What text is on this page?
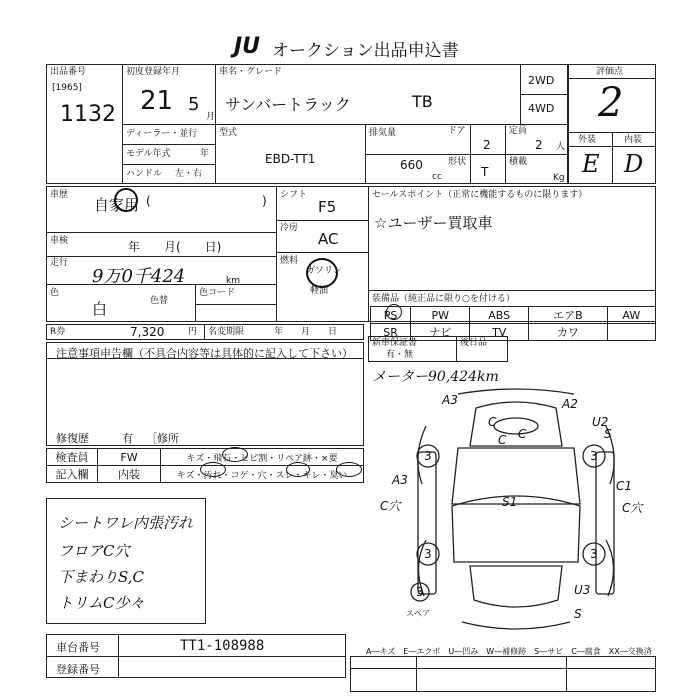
JU オークション出品申込書
出品番号
[1965]
1132
初度登録年月
21 5
月
車名・グレード
サンバートラック	TB
2WD
4WD
ディーラー・並行
モデル年式	年
ハンドル 左・右
型式
EBD-TT1
排気量
660
cc
ドア
2
形状
T
定員
2 人
積載
Kg
評価点
2
外装	内装
E D
車歴
自家用 (	)
車検	年　　月(　　日)
走行
9万0千424	km
色
白	色替
色コード
シフト
F5
冷房
AC
燃料
ガソリン
軽油
セールスポイント（正常に機能するものに限ります）
☆ユーザー買取車
装備品（純正品に限り○を付ける）
PS	PW	ABS	エアB	AW
SR	ナビ	TV	カワ	
R券	7,320	円 名変期限	年　　月　　日
新車保証書
有・無
後日品
メーター90,424km
注意事項申告欄（不具合内容等は具体的に記入して下さい）
修復歴	有 ［修所
検査員	FW	キズ・飛石・ヒビ割・リペア跡・×要
記入欄	内装	キズ・汚れ・コゲ・穴・スレ・キレ・臭い
シートワレ内張汚れ
フロアC穴
下まわりS,C
トリムC少々
A3	A2
U2
S
C C
C
S1
C1
C穴
A3
C穴
U3
S
3	3
3	3
3
スペア
A―キズ　E―エクボ　U―凹み　W―補修跡　S―サビ　C―腐食　XX―交換済
車台番号	TT1-108988
登録番号
